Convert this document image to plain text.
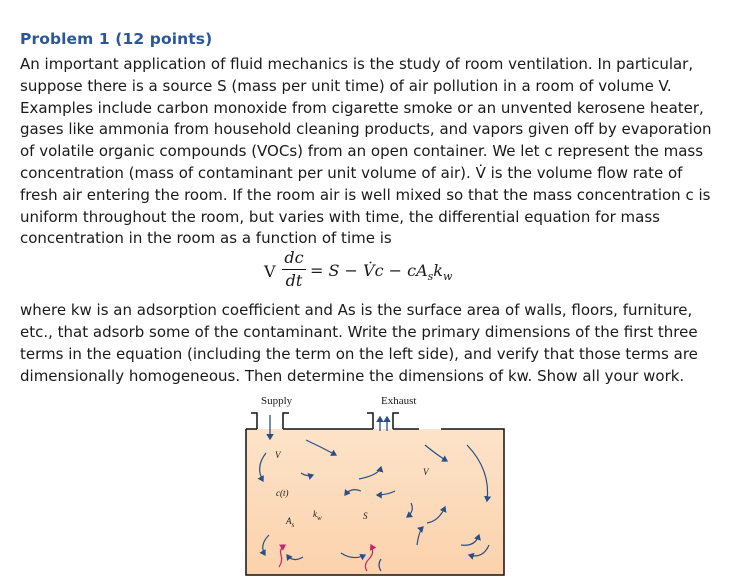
Problem 1 (12 points)

An important application of fluid mechanics is the study of room ventilation. In particular, suppose there is a source S (mass per unit time) of air pollution in a room of volume V. Examples include carbon monoxide from cigarette smoke or an unvented kerosene heater, gases like ammonia from household cleaning products, and vapors given off by evaporation of volatile organic compounds (VOCs) from an open container. We let c represent the mass concentration (mass of contaminant per unit volume of air). V̇ is the volume flow rate of fresh air entering the room. If the room air is well mixed so that the mass concentration c is uniform throughout the room, but varies with time, the differential equation for mass concentration in the room as a function of time is

V
dc
dt
= S − V̇c − $cA_sk_w$

where kw is an adsorption coefficient and As is the surface area of walls, floors, furniture, etc., that adsorb some of the contaminant. Write the primary dimensions of the first three terms in the equation (including the term on the left side), and verify that those terms are dimensionally homogeneous. Then determine the dimensions of kw. Show all your work.

Supply	Exhaust
V
V
c(t)
$A_s$
$k_w$	S
